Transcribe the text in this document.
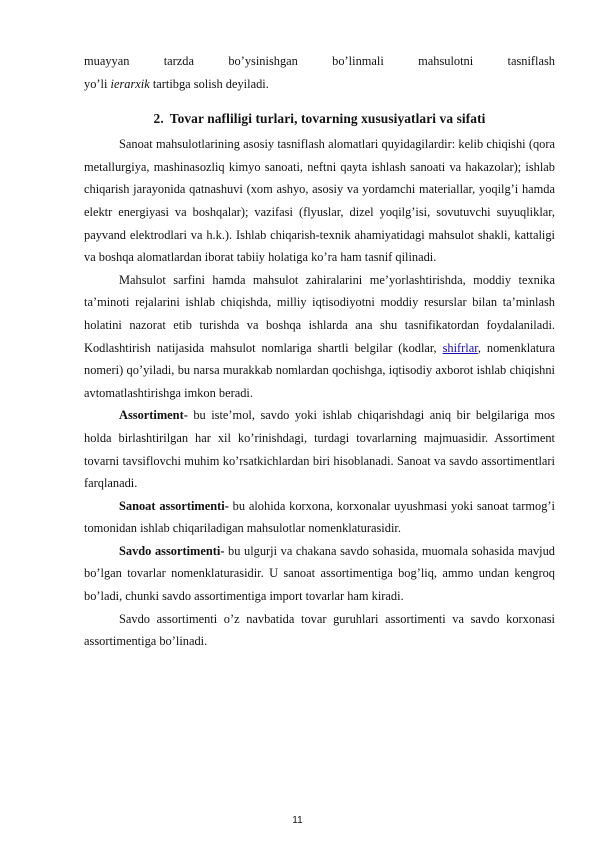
muayyan tarzda bo’ysinishgan bo’linmali mahsulotni tasniflash

yo’li ierarxik tartibga solish deyiladi.

2. Tovar nafliligi turlari, tovarning xususiyatlari va sifati

Sanoat mahsulotlarining asosiy tasniflash alomatlari quyidagilardir: kelib chiqishi (qora metallurgiya, mashinasozliq kimyo sanoati, neftni qayta ishlash sanoati va hakazolar); ishlab chiqarish jarayonida qatnashuvi (xom ashyo, asosiy va yordamchi materiallar, yoqilg’i hamda elektr energiyasi va boshqalar); vazifasi (flyuslar, dizel yoqilg’isi, sovutuvchi suyuqliklar, payvand elektrodlari va h.k.). Ishlab chiqarish-texnik ahamiyatidagi mahsulot shakli, kattaligi va boshqa alomatlardan iborat tabiiy holatiga ko’ra ham tasnif qilinadi.

Mahsulot sarfini hamda mahsulot zahiralarini me’yorlashtirishda, moddiy texnika ta’minoti rejalarini ishlab chiqishda, milliy iqtisodiyotni moddiy resurslar bilan ta’minlash holatini nazorat etib turishda va boshqa ishlarda ana shu tasnifikatordan foydalaniladi. Kodlashtirish natijasida mahsulot nomlariga shartli belgilar (kodlar, shifrlar, nomenklatura nomeri) qo’yiladi, bu narsa murakkab nomlardan qochishga, iqtisodiy axborot ishlab chiqishni avtomatlashtirishga imkon beradi.

Assortiment- bu iste’mol, savdo yoki ishlab chiqarishdagi aniq bir belgilariga mos holda birlashtirilgan har xil ko’rinishdagi, turdagi tovarlarning majmuasidir. Assortiment tovarni tavsiflovchi muhim ko’rsatkichlardan biri hisoblanadi. Sanoat va savdo assortimentlari farqlanadi.

Sanoat assortimenti- bu alohida korxona, korxonalar uyushmasi yoki sanoat tarmog’i tomonidan ishlab chiqariladigan mahsulotlar nomenklaturasidir.

Savdo assortimenti- bu ulgurji va chakana savdo sohasida, muomala sohasida mavjud bo’lgan tovarlar nomenklaturasidir. U sanoat assortimentiga bog’liq, ammo undan kengroq bo’ladi, chunki savdo assortimentiga import tovarlar ham kiradi.

Savdo assortimenti o’z navbatida tovar guruhlari assortimenti va savdo korxonasi assortimentiga bo’linadi.

11
